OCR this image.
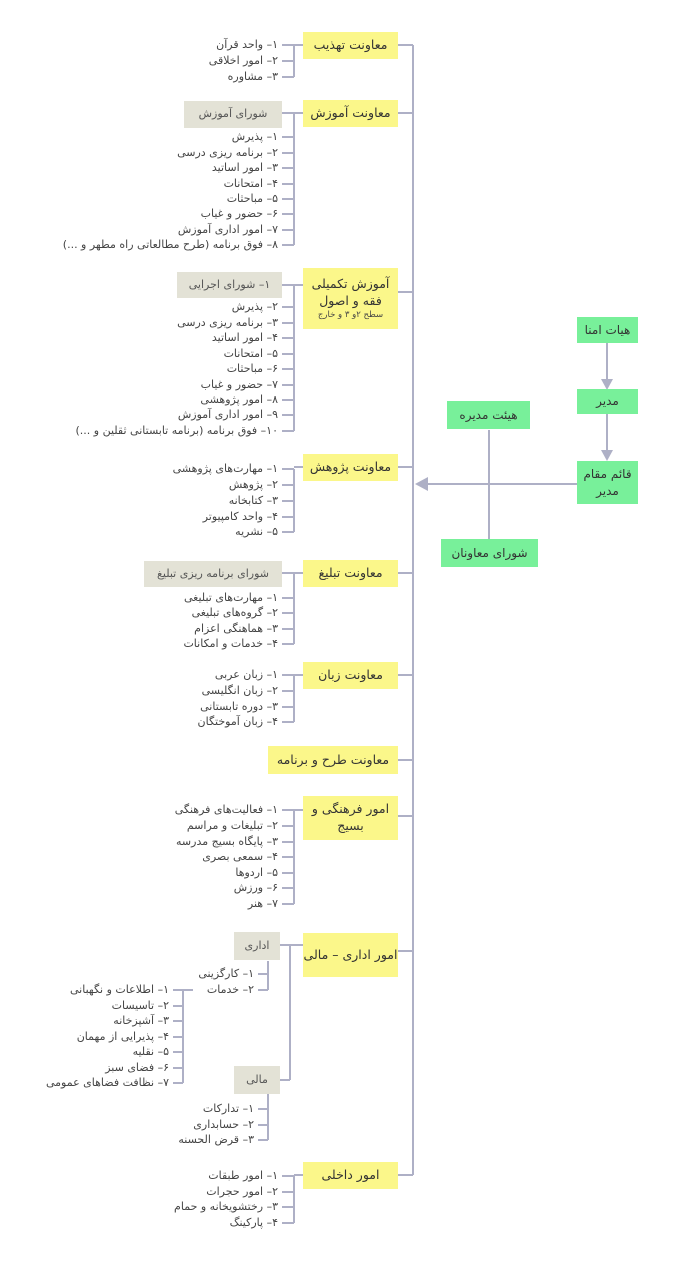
هیات امنا
مدیر
قائم مقام مدیر
هیئت مدیره
شورای معاونان
معاونت تهذیب
معاونت آموزش
آموزش تکمیلی فقه و اصول
سطح ۲و ۳ و خارج
معاونت پژوهش
معاونت تبلیغ
معاونت زبان
معاونت طرح و برنامه
امور فرهنگی و بسیج
امور اداری – مالی
امور داخلی
شورای آموزش
۱– شورای اجرایی
شورای برنامه ریزی تبلیغ
اداری
مالی
۱– واحد قرآن
۲– امور اخلاقی
۳– مشاوره
۱– پذیرش
۲– برنامه ریزی درسی
۳– امور اساتید
۴– امتحانات
۵– مباحثات
۶– حضور و غیاب
۷– امور اداری آموزش
۸– فوق برنامه (طرح مطالعاتی راه مطهر و ...)
۲– پذیرش
۳– برنامه ریزی درسی
۴– امور اساتید
۵– امتحانات
۶– مباحثات
۷– حضور و غیاب
۸– امور پژوهشی
۹– امور اداری آموزش
۱۰– فوق برنامه (برنامه تابستانی ثقلین و ...)
۱– مهارت‌های پژوهشی
۲– پژوهش
۳– کتابخانه
۴– واحد کامپیوتر
۵– نشریه
۱– مهارت‌های تبلیغی
۲– گروه‌های تبلیغی
۳– هماهنگی اعزام
۴– خدمات و امکانات
۱– زبان عربی
۲– زبان انگلیسی
۳– دوره تابستانی
۴– زبان آموختگان
۱– فعالیت‌های فرهنگی
۲– تبلیغات و مراسم
۳– پایگاه بسیج مدرسه
۴– سمعی بصری
۵– اردوها
۶– ورزش
۷– هنر
۱– کارگزینی
۲– خدمات
۱– اطلاعات و نگهبانی
۲– تاسیسات
۳– آشپزخانه
۴– پذیرایی از مهمان
۵– نقلیه
۶– فضای سبز
۷– نظافت فضاهای عمومی
۱– تدارکات
۲– حسابداری
۳– قرض الحسنه
۱– امور طبقات
۲– امور حجرات
۳– رختشویخانه و حمام
۴– پارکینگ
